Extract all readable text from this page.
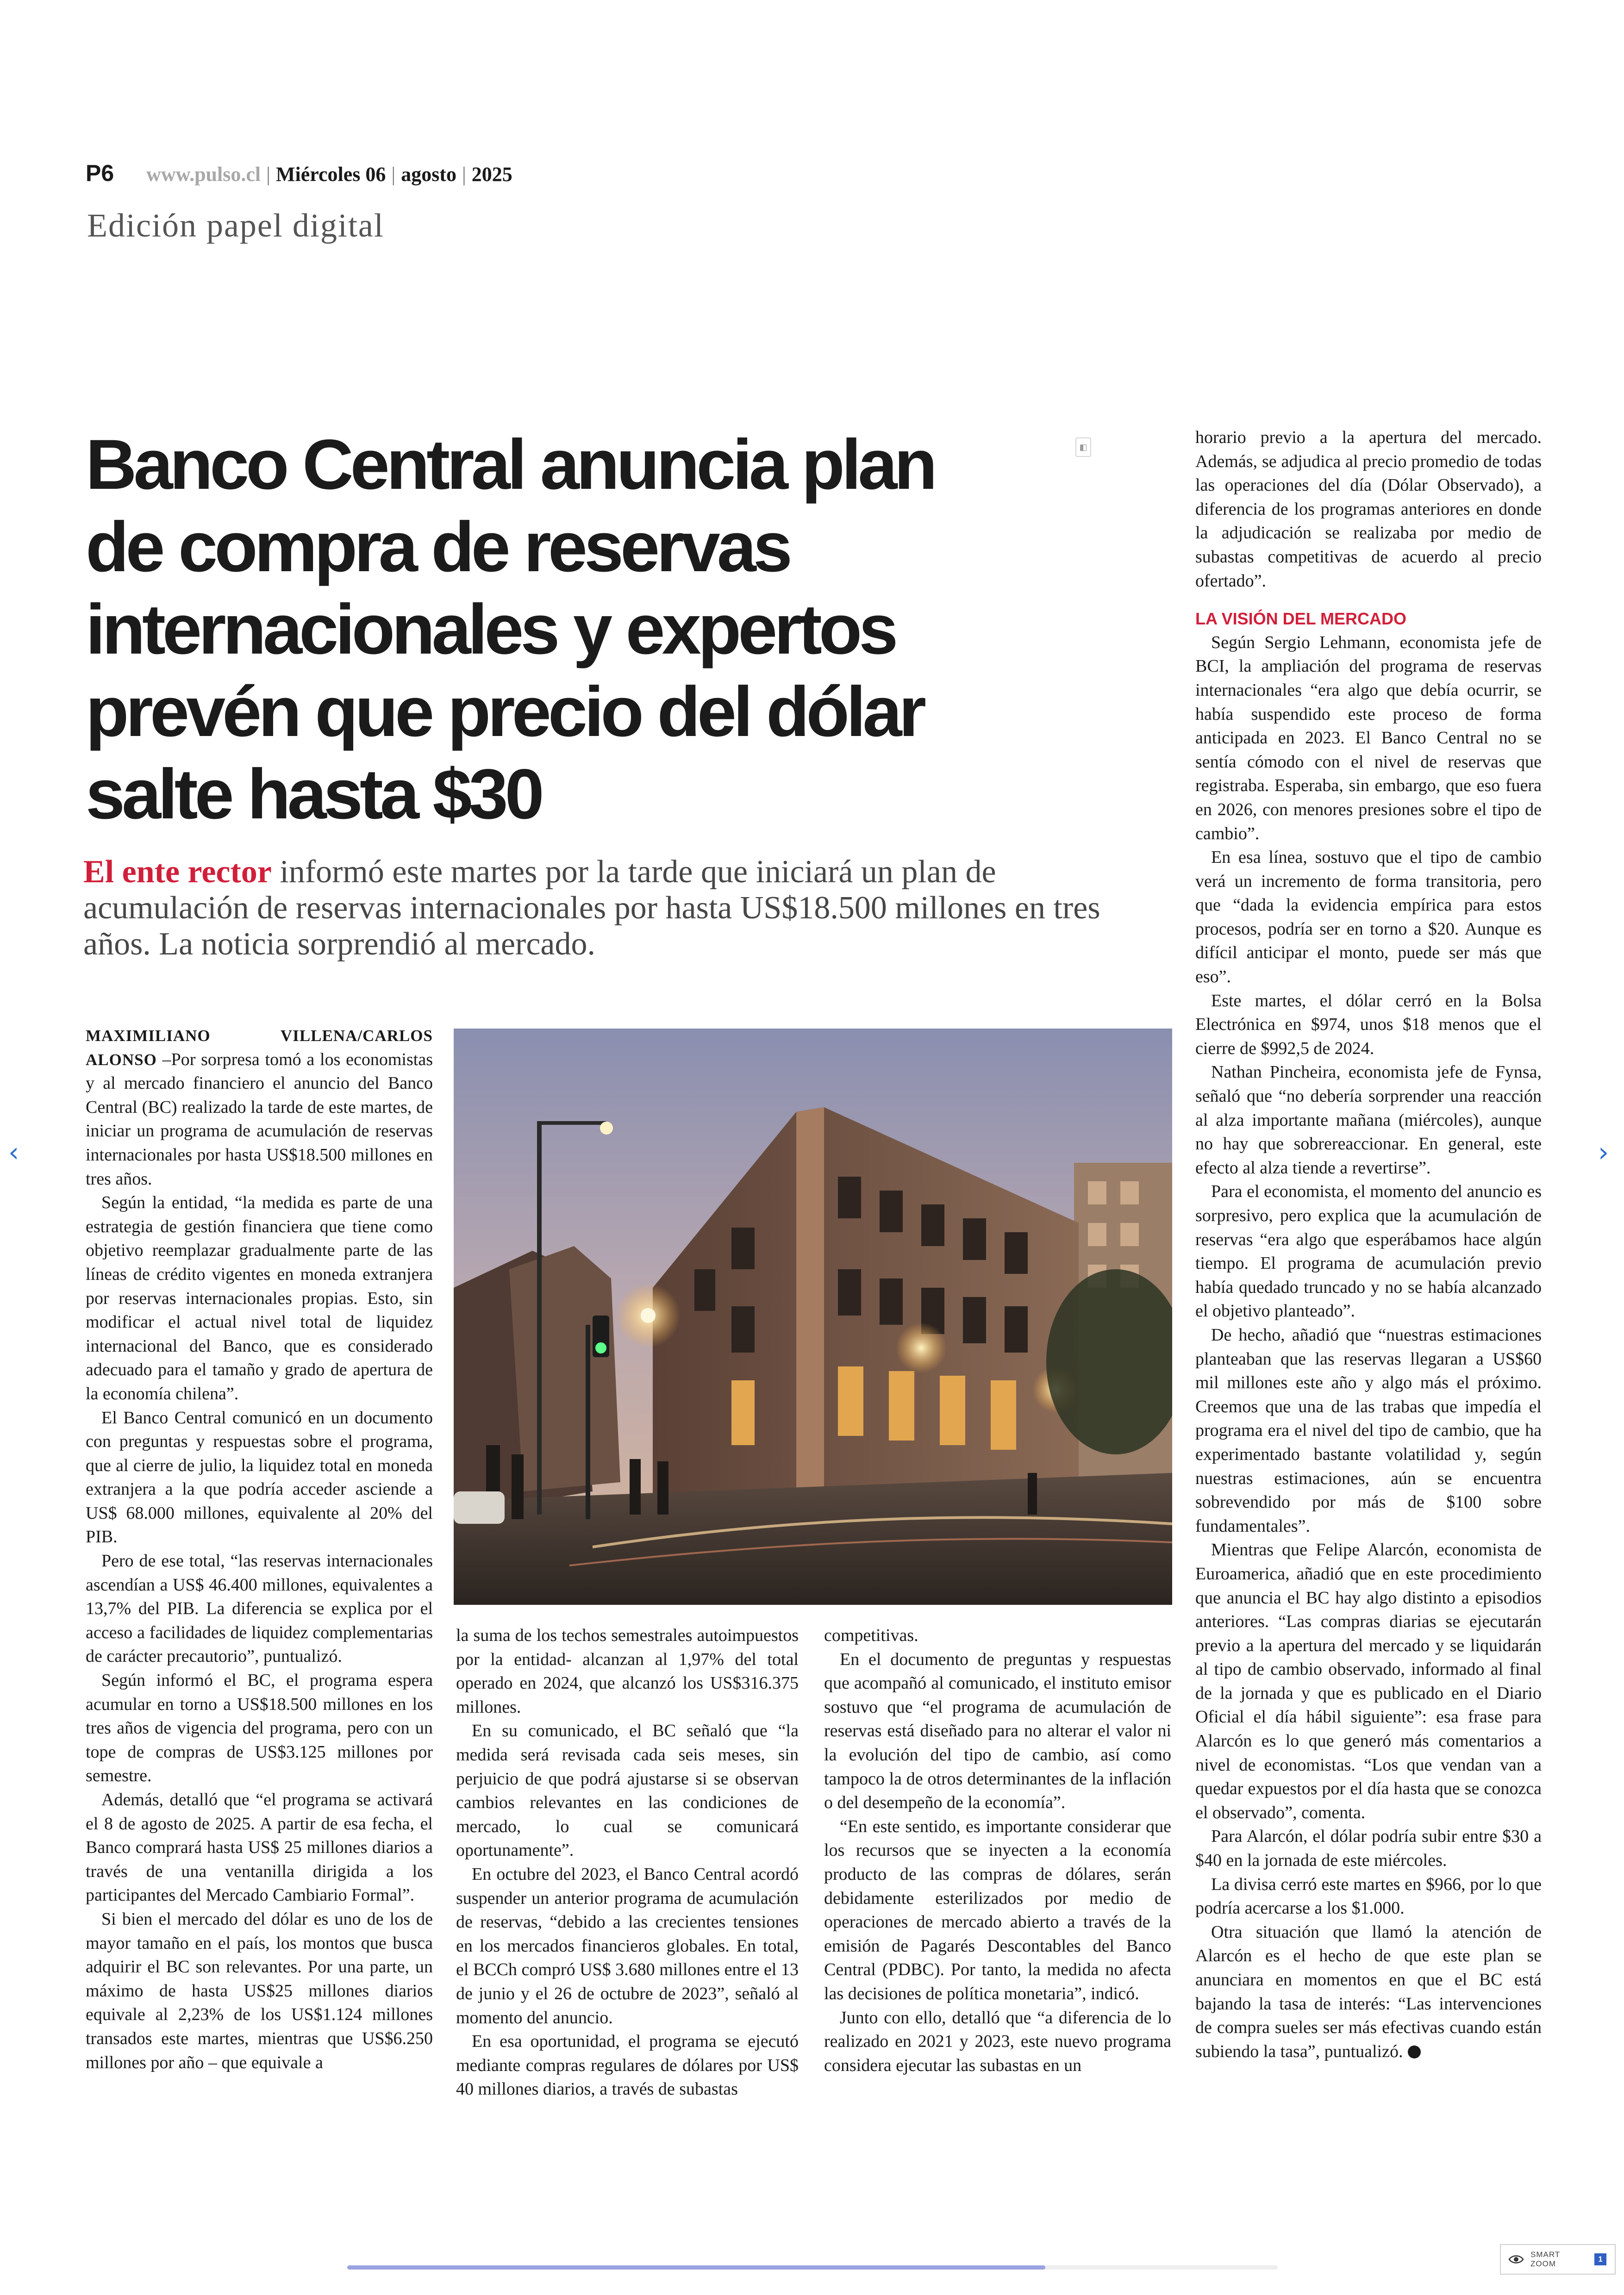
P6 www.pulso.cl | Miércoles 06 | agosto | 2025
Edición papel digital
Banco Central anuncia plan
de compra de reservas
internacionales y expertos
prevén que precio del dólar
salte hasta $30
◧
El ente rector informó este martes por la tarde que iniciará un plan de acumulación de reservas internacionales por hasta US$18.500 millones en tres años. La noticia sorprendió al mercado.

MAXIMILIANO VILLENA/CARLOS ALONSO –Por sorpresa tomó a los economistas y al mercado financiero el anuncio del Banco Central (BC) realizado la tarde de este martes, de iniciar un programa de acumulación de reservas internacionales por hasta US$18.500 millones en tres años.

Según la entidad, “la medida es parte de una estrategia de gestión financiera que tiene como objetivo reemplazar gradualmente parte de las líneas de crédito vigentes en moneda extranjera por reservas internacionales propias. Esto, sin modificar el actual nivel total de liquidez internacional del Banco, que es considerado adecuado para el tamaño y grado de apertura de la economía chilena”.

El Banco Central comunicó en un documento con preguntas y respuestas sobre el programa, que al cierre de julio, la liquidez total en moneda extranjera a la que podría acceder asciende a US$ 68.000 millones, equivalente al 20% del PIB.

Pero de ese total, “las reservas internacionales ascendían a US$ 46.400 millones, equivalentes a 13,7% del PIB. La diferencia se explica por el acceso a facilidades de liquidez complementarias de carácter precautorio”, puntualizó.

Según informó el BC, el programa espera acumular en torno a US$18.500 millones en los tres años de vigencia del programa, pero con un tope de compras de US$3.125 millones por semestre.

Además, detalló que “el programa se activará el 8 de agosto de 2025. A partir de esa fecha, el Banco comprará hasta US$ 25 millones diarios a través de una ventanilla dirigida a los participantes del Mercado Cambiario Formal”.

Si bien el mercado del dólar es uno de los de mayor tamaño en el país, los montos que busca adquirir el BC son relevantes. Por una parte, un máximo de hasta US$25 millones diarios equivale al 2,23% de los US$1.124 millones transados este martes, mientras que US$6.250 millones por año – que equivale a

la suma de los techos semestrales autoimpuestos por la entidad- alcanzan al 1,97% del total operado en 2024, que alcanzó los US$316.375 millones.

En su comunicado, el BC señaló que “la medida será revisada cada seis meses, sin perjuicio de que podrá ajustarse si se observan cambios relevantes en las condiciones de mercado, lo cual se comunicará oportunamente”.

En octubre del 2023, el Banco Central acordó suspender un anterior programa de acumulación de reservas, “debido a las crecientes tensiones en los mercados financieros globales. En total, el BCCh compró US$ 3.680 millones entre el 13 de junio y el 26 de octubre de 2023”, señaló al momento del anuncio.

En esa oportunidad, el programa se ejecutó mediante compras regulares de dólares por US$ 40 millones diarios, a través de subastas

competitivas.

En el documento de preguntas y respuestas que acompañó al comunicado, el instituto emisor sostuvo que “el programa de acumulación de reservas está diseñado para no alterar el valor ni la evolución del tipo de cambio, así como tampoco la de otros determinantes de la inflación o del desempeño de la economía”.

“En este sentido, es importante considerar que los recursos que se inyecten a la economía producto de las compras de dólares, serán debidamente esterilizados por medio de operaciones de mercado abierto a través de la emisión de Pagarés Descontables del Banco Central (PDBC). Por tanto, la medida no afecta las decisiones de política monetaria”, indicó.

Junto con ello, detalló que “a diferencia de lo realizado en 2021 y 2023, este nuevo programa considera ejecutar las subastas en un

horario previo a la apertura del mercado. Además, se adjudica al precio promedio de todas las operaciones del día (Dólar Observado), a diferencia de los programas anteriores en donde la adjudicación se realizaba por medio de subastas competitivas de acuerdo al precio ofertado”.

LA VISIÓN DEL MERCADO

Según Sergio Lehmann, economista jefe de BCI, la ampliación del programa de reservas internacionales “era algo que debía ocurrir, se había suspendido este proceso de forma anticipada en 2023. El Banco Central no se sentía cómodo con el nivel de reservas que registraba. Esperaba, sin embargo, que eso fuera en 2026, con menores presiones sobre el tipo de cambio”.

En esa línea, sostuvo que el tipo de cambio verá un incremento de forma transitoria, pero que “dada la evidencia empírica para estos procesos, podría ser en torno a $20. Aunque es difícil anticipar el monto, puede ser más que eso”.

Este martes, el dólar cerró en la Bolsa Electrónica en $974, unos $18 menos que el cierre de $992,5 de 2024.

Nathan Pincheira, economista jefe de Fynsa, señaló que “no debería sorprender una reacción al alza importante mañana (miércoles), aunque no hay que sobrereaccionar. En general, este efecto al alza tiende a revertirse”.

Para el economista, el momento del anuncio es sorpresivo, pero explica que la acumulación de reservas “era algo que esperábamos hace algún tiempo. El programa de acumulación previo había quedado truncado y no se había alcanzado el objetivo planteado”.

De hecho, añadió que “nuestras estimaciones planteaban que las reservas llegaran a US$60 mil millones este año y algo más el próximo. Creemos que una de las trabas que impedía el programa era el nivel del tipo de cambio, que ha experimentado bastante volatilidad y, según nuestras estimaciones, aún se encuentra sobrevendido por más de $100 sobre fundamentales”.

Mientras que Felipe Alarcón, economista de Euroamerica, añadió que en este procedimiento que anuncia el BC hay algo distinto a episodios anteriores. “Las compras diarias se ejecutarán previo a la apertura del mercado y se liquidarán al tipo de cambio observado, informado al final de la jornada y que es publicado en el Diario Oficial el día hábil siguiente”: esa frase para Alarcón es lo que generó más comentarios a nivel de economistas. “Los que vendan van a quedar expuestos por el día hasta que se conozca el observado”, comenta.

Para Alarcón, el dólar podría subir entre $30 a $40 en la jornada de este miércoles.

La divisa cerró este martes en $966, por lo que podría acercarse a los $1.000.

Otra situación que llamó la atención de Alarcón es el hecho de que este plan se anunciara en momentos en que el BC está bajando la tasa de interés: “Las intervenciones de compra sueles ser más efectivas cuando están subiendo la tasa”, puntualizó.

‹	›
SMART
ZOOM
1
